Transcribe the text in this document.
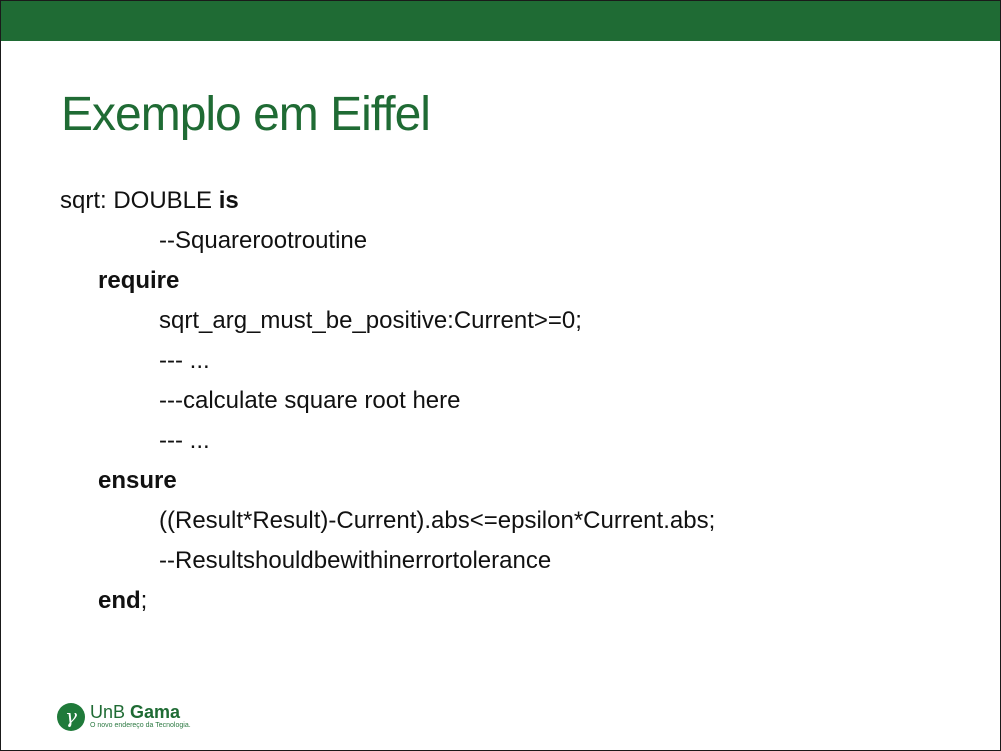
Exemplo em Eiffel
sqrt: DOUBLE is
--Squarerootroutine
require
sqrt_arg_must_be_positive:Current>=0;
--- ...
---calculate square root here
--- ...
ensure
((Result*Result)-Current).abs<=epsilon*Current.abs;
--Resultshouldbewithinerrortolerance
end;
γ UnB Gama
O novo endereço da Tecnologia.
